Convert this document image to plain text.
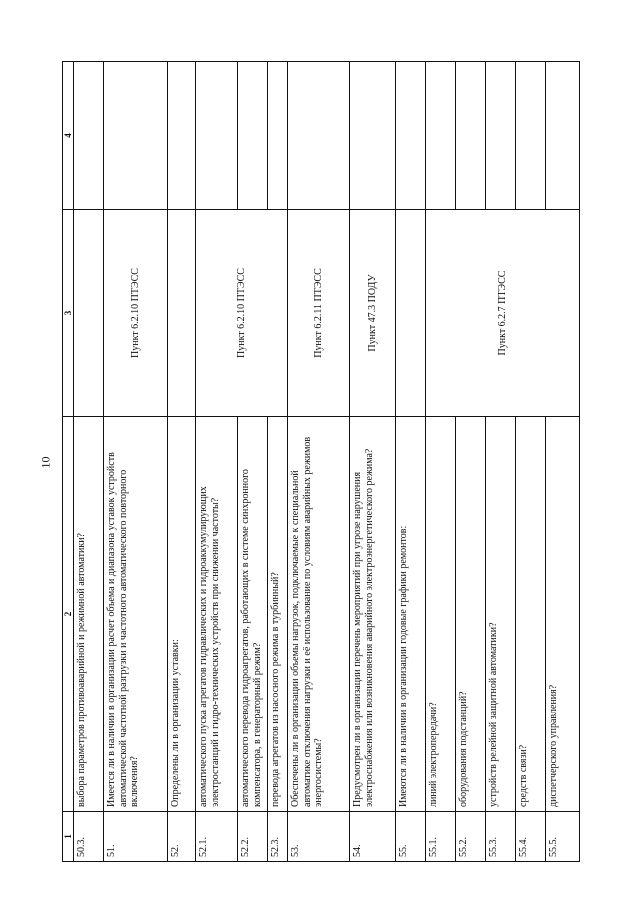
10
1	2	3	4
50.3.	выбора параметров противоаварийной и режимной автоматики?		
51.	Имеется ли в наличии в организации расчет объема и диапазона уставок устройств автоматической частотной разгрузки и частотного автоматического повторного включения?	Пункт 6.2.10 ПТЭСС	
52.	Определены ли в организации уставки:		
52.1.	автоматического пуска агрегатов гидравлических и гидроаккумулирующих электростанций и гидро-технических устройств при снижении частоты?	Пункт 6.2.10 ПТЭСС	
52.2.	автоматического перевода гидроагрегатов, работающих в системе синхронного компенсатора, в генераторный режим?		
52.3.	перевода агрегатов из насосного режима в турбинный?		
53.	Обеспечены ли в организации объемы нагрузок, подключаемые к специальной автоматике отключения нагрузки и её использование по условиям аварийных режимов энергосистемы?	Пункт 6.2.11 ПТЭСС	
54.	Предусмотрен ли в организации перечень мероприятий при угрозе нарушения электроснабжения или возникновения аварийного электроэнергетического режима?	Пункт 47.3 ПОДУ	
55.	Имеются ли в наличии в организации годовые графики ремонтов:		
55.1.	линий электропередачи?	Пункт 6.2.7 ПТЭСС	
55.2.	оборудования подстанций?		
55.3.	устройств релейной защитной автоматики?		
55.4.	средств связи?		
55.5.	диспетчерского управления?		
